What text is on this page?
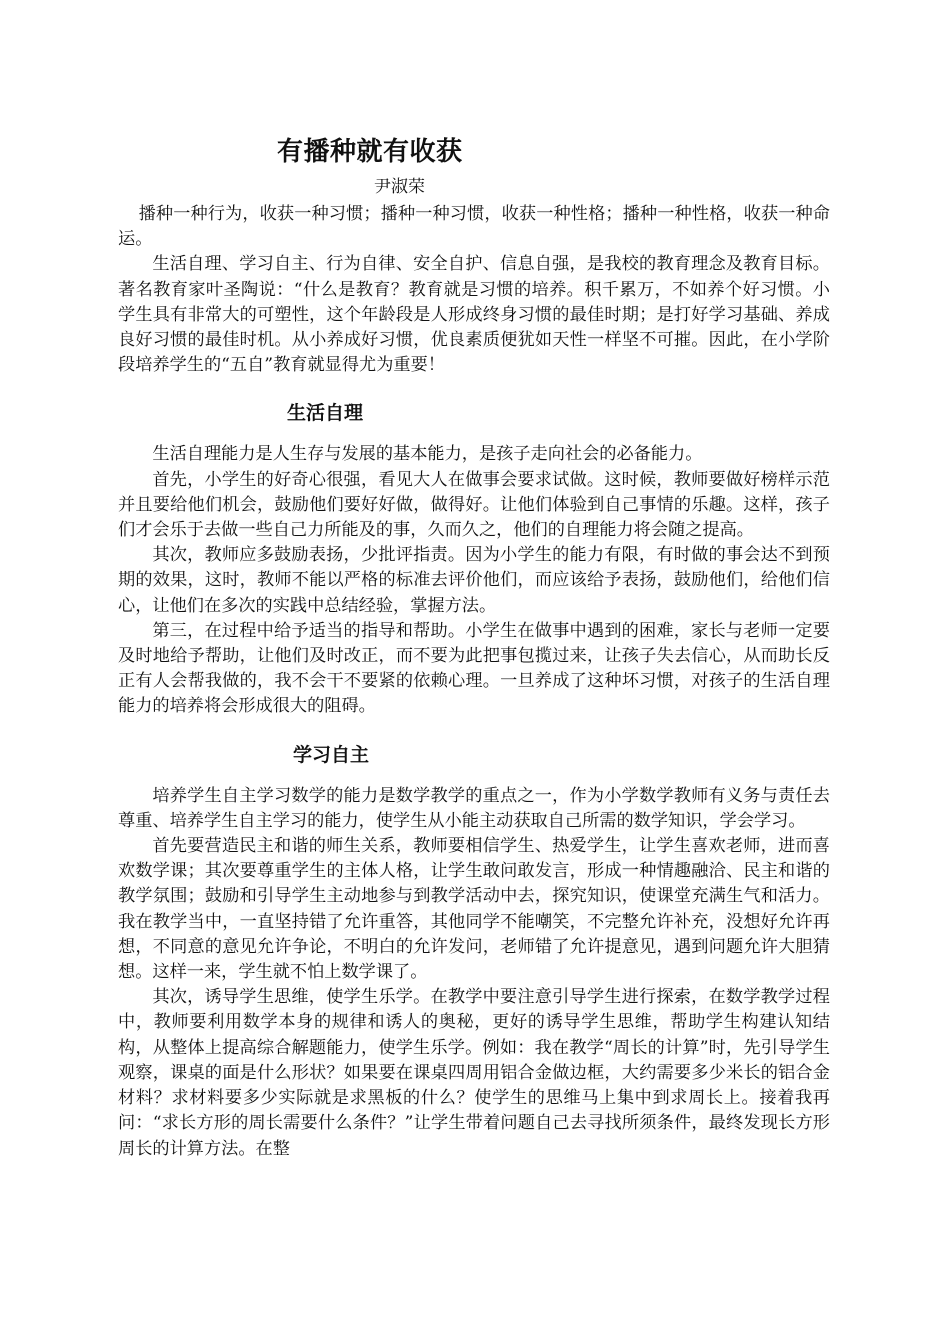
有播种就有收获

尹淑荣

播种一种行为，收获一种习惯；播种一种习惯，收获一种性格；播种一种性格，收获一种命运。

生活自理、学习自主、行为自律、安全自护、信息自强，是我校的教育理念及教育目标。著名教育家叶圣陶说：“什么是教育？教育就是习惯的培养。积千累万，不如养个好习惯。小学生具有非常大的可塑性，这个年龄段是人形成终身习惯的最佳时期；是打好学习基础、养成良好习惯的最佳时机。从小养成好习惯，优良素质便犹如天性一样坚不可摧。因此，在小学阶段培养学生的“五自”教育就显得尤为重要！

生活自理

生活自理能力是人生存与发展的基本能力，是孩子走向社会的必备能力。

首先，小学生的好奇心很强，看见大人在做事会要求试做。这时候，教师要做好榜样示范并且要给他们机会，鼓励他们要好好做，做得好。让他们体验到自己事情的乐趣。这样，孩子们才会乐于去做一些自己力所能及的事，久而久之，他们的自理能力将会随之提高。

其次，教师应多鼓励表扬，少批评指责。因为小学生的能力有限，有时做的事会达不到预期的效果，这时，教师不能以严格的标准去评价他们，而应该给予表扬，鼓励他们，给他们信心，让他们在多次的实践中总结经验，掌握方法。

第三，在过程中给予适当的指导和帮助。小学生在做事中遇到的困难，家长与老师一定要及时地给予帮助，让他们及时改正，而不要为此把事包揽过来，让孩子失去信心，从而助长反正有人会帮我做的，我不会干不要紧的依赖心理。一旦养成了这种坏习惯，对孩子的生活自理能力的培养将会形成很大的阻碍。

学习自主

培养学生自主学习数学的能力是数学教学的重点之一，作为小学数学教师有义务与责任去尊重、培养学生自主学习的能力，使学生从小能主动获取自己所需的数学知识，学会学习。

首先要营造民主和谐的师生关系，教师要相信学生、热爱学生，让学生喜欢老师，进而喜欢数学课；其次要尊重学生的主体人格，让学生敢问敢发言，形成一种情趣融洽、民主和谐的教学氛围；鼓励和引导学生主动地参与到教学活动中去，探究知识，使课堂充满生气和活力。我在教学当中，一直坚持错了允许重答，其他同学不能嘲笑，不完整允许补充，没想好允许再想，不同意的意见允许争论，不明白的允许发问，老师错了允许提意见，遇到问题允许大胆猜想。这样一来，学生就不怕上数学课了。

其次，诱导学生思维，使学生乐学。在教学中要注意引导学生进行探索，在数学教学过程中，教师要利用数学本身的规律和诱人的奥秘，更好的诱导学生思维，帮助学生构建认知结构，从整体上提高综合解题能力，使学生乐学。例如：我在教学“周长的计算”时，先引导学生观察，课桌的面是什么形状？如果要在课桌四周用铝合金做边框，大约需要多少米长的铝合金材料？求材料要多少实际就是求黑板的什么？使学生的思维马上集中到求周长上。接着我再问：“求长方形的周长需要什么条件？”让学生带着问题自己去寻找所须条件，最终发现长方形周长的计算方法。在整
